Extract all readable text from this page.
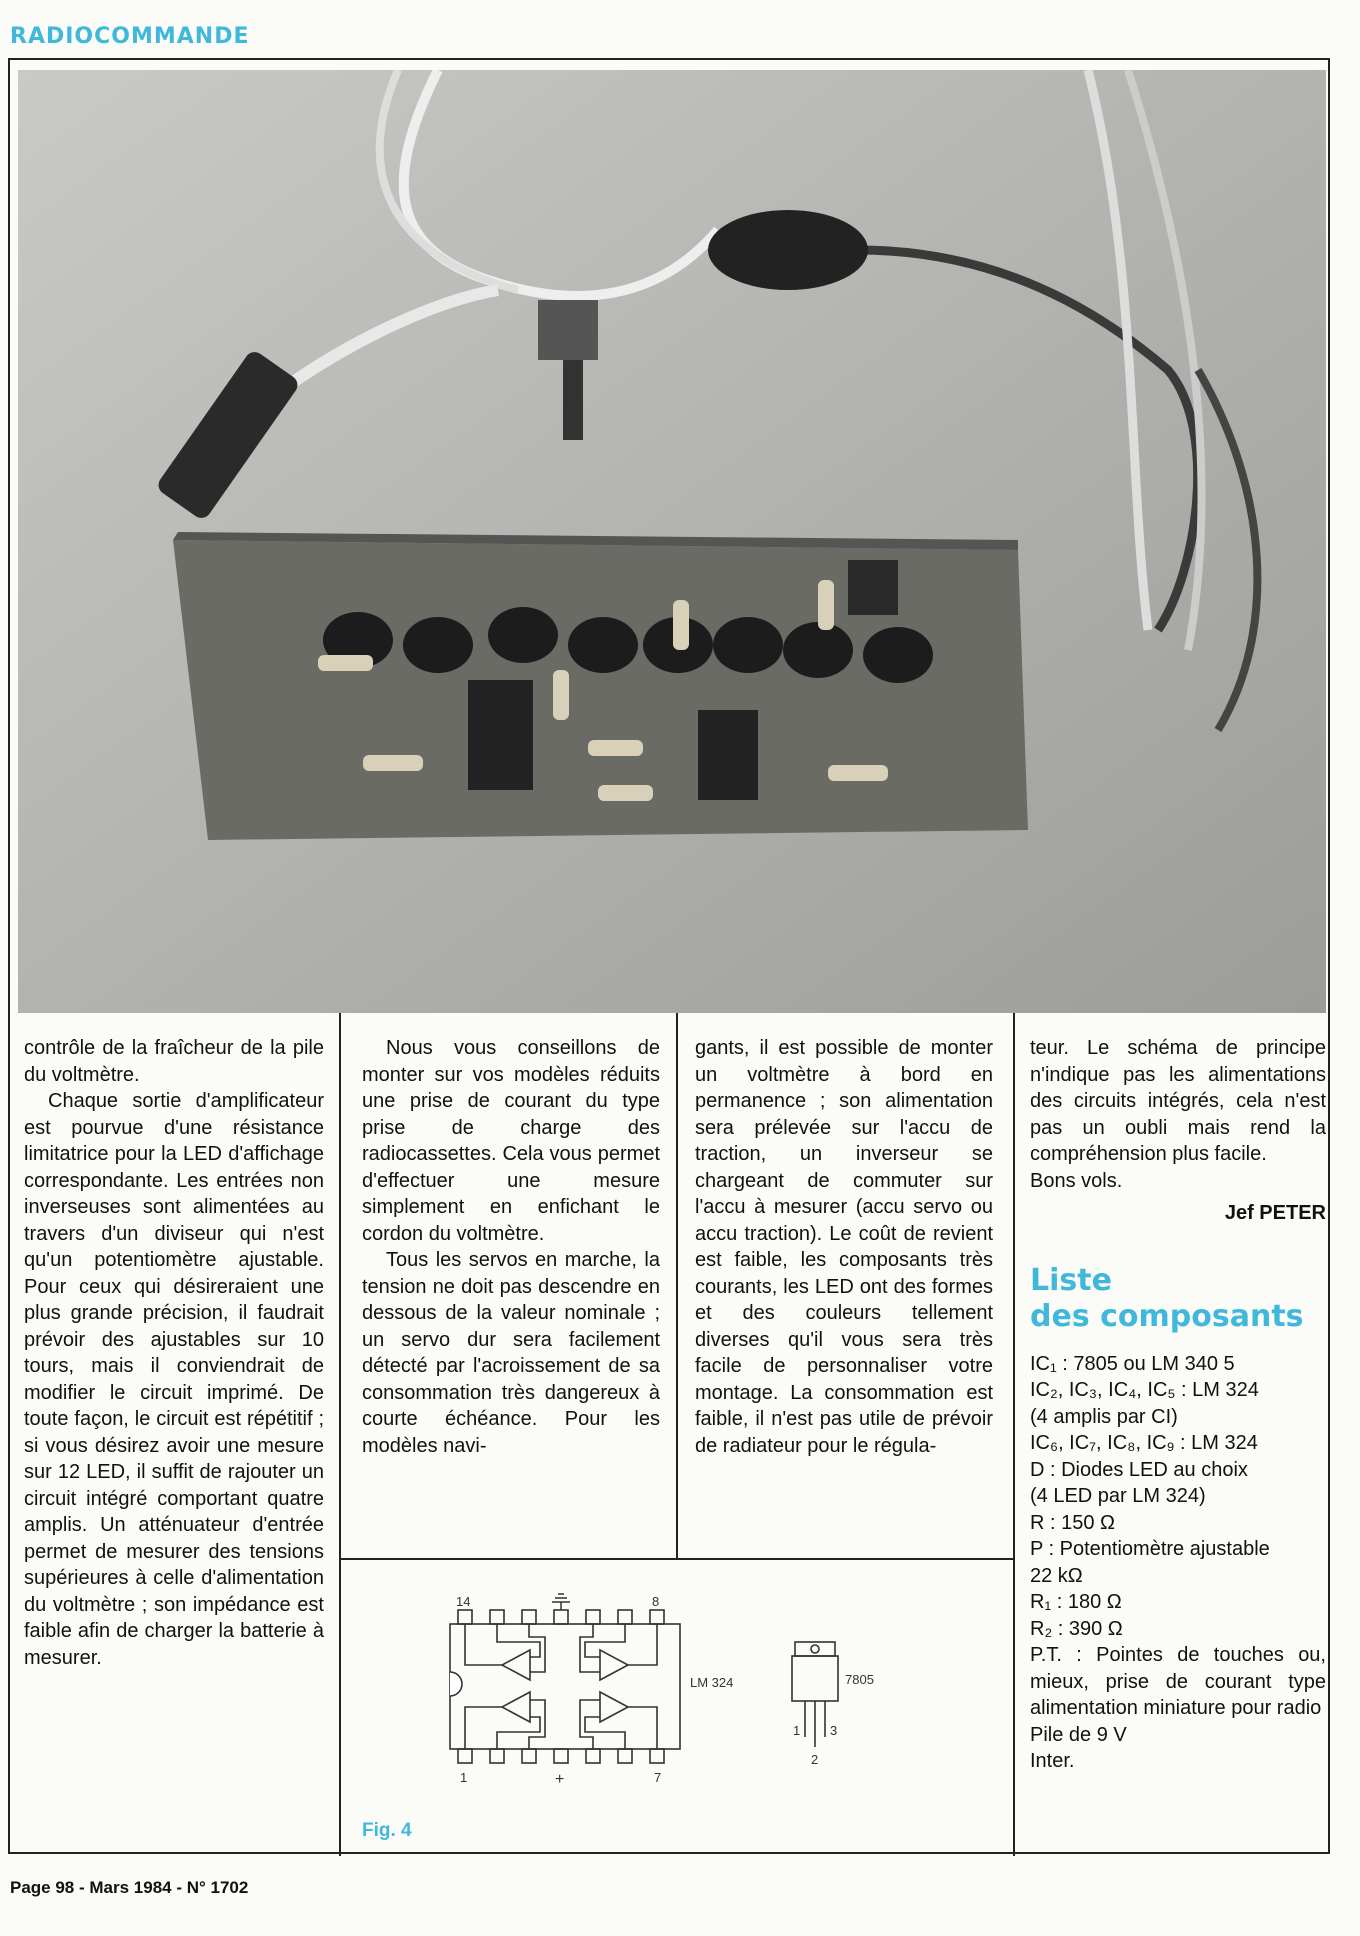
RADIOCOMMANDE

contrôle de la fraîcheur de la pile du voltmètre.

Chaque sortie d'amplificateur est pourvue d'une résistance limitatrice pour la LED d'affichage correspondante. Les entrées non inverseuses sont alimentées au travers d'un diviseur qui n'est qu'un potentiomètre ajustable. Pour ceux qui désireraient une plus grande précision, il faudrait prévoir des ajustables sur 10 tours, mais il conviendrait de modifier le circuit imprimé. De toute façon, le circuit est répétitif ; si vous désirez avoir une mesure sur 12 LED, il suffit de rajouter un circuit intégré comportant quatre amplis. Un atténuateur d'entrée permet de mesurer des tensions supérieures à celle d'alimentation du voltmètre ; son impédance est faible afin de charger la batterie à mesurer.

Nous vous conseillons de monter sur vos modèles réduits une prise de courant du type prise de charge des radiocassettes. Cela vous permet d'effectuer une mesure simplement en enfichant le cordon du voltmètre.

Tous les servos en marche, la tension ne doit pas descendre en dessous de la valeur nominale ; un servo dur sera facilement détecté par l'acroissement de sa consommation très dangereux à courte échéance. Pour les modèles navi-

gants, il est possible de monter un voltmètre à bord en permanence ; son alimentation sera prélevée sur l'accu de traction, un inverseur se chargeant de commuter sur l'accu à mesurer (accu servo ou accu traction). Le coût de revient est faible, les composants très courants, les LED ont des formes et des couleurs tellement diverses qu'il vous sera très facile de personnaliser votre montage. La consommation est faible, il n'est pas utile de prévoir de radiateur pour le régula-

teur. Le schéma de principe n'indique pas les alimentations des circuits intégrés, cela n'est pas un oubli mais rend la compréhension plus facile.

Bons vols.

Jef PETER
Liste
des composants
IC₁ : 7805 ou LM 340 5
IC₂, IC₃, IC₄, IC₅ : LM 324
(4 amplis par CI)
IC₆, IC₇, IC₈, IC₉ : LM 324
D : Diodes LED au choix
(4 LED par LM 324)
R : 150 Ω
P : Potentiomètre ajustable
22 kΩ
R₁ : 180 Ω
R₂ : 390 Ω
P.T. : Pointes de touches ou, mieux, prise de courant type alimentation miniature pour radio
Pile de 9 V
Inter.
14	8
1	7
+
LM 324	7805
1
2
3
Fig. 4
Page 98 - Mars 1984 - N° 1702
